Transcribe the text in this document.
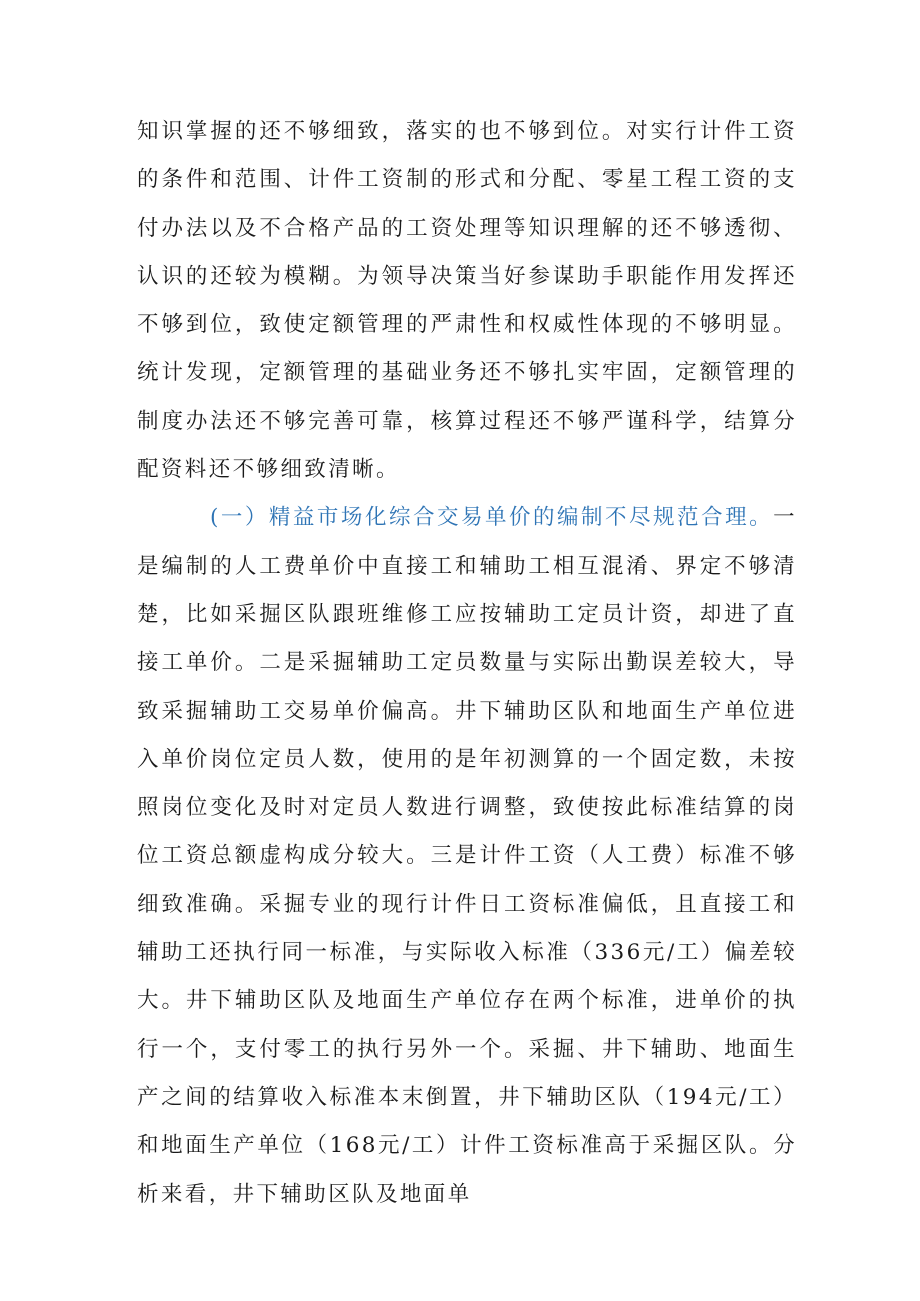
知识掌握的还不够细致，落实的也不够到位。对实行计件工资的条件和范围、计件工资制的形式和分配、零星工程工资的支付办法以及不合格产品的工资处理等知识理解的还不够透彻、认识的还较为模糊。为领导决策当好参谋助手职能作用发挥还不够到位，致使定额管理的严肃性和权威性体现的不够明显。统计发现，定额管理的基础业务还不够扎实牢固，定额管理的制度办法还不够完善可靠，核算过程还不够严谨科学，结算分配资料还不够细致清晰。

(一）精益市场化综合交易单价的编制不尽规范合理。一是编制的人工费单价中直接工和辅助工相互混淆、界定不够清楚，比如采掘区队跟班维修工应按辅助工定员计资，却进了直接工单价。二是采掘辅助工定员数量与实际出勤误差较大，导致采掘辅助工交易单价偏高。井下辅助区队和地面生产单位进入单价岗位定员人数，使用的是年初测算的一个固定数，未按照岗位变化及时对定员人数进行调整，致使按此标准结算的岗位工资总额虚构成分较大。三是计件工资（人工费）标准不够细致准确。采掘专业的现行计件日工资标准偏低，且直接工和辅助工还执行同一标准，与实际收入标准（336元/工）偏差较大。井下辅助区队及地面生产单位存在两个标准，进单价的执行一个，支付零工的执行另外一个。采掘、井下辅助、地面生产之间的结算收入标准本末倒置，井下辅助区队（194元/工）和地面生产单位（168元/工）计件工资标准高于采掘区队。分析来看，井下辅助区队及地面单
